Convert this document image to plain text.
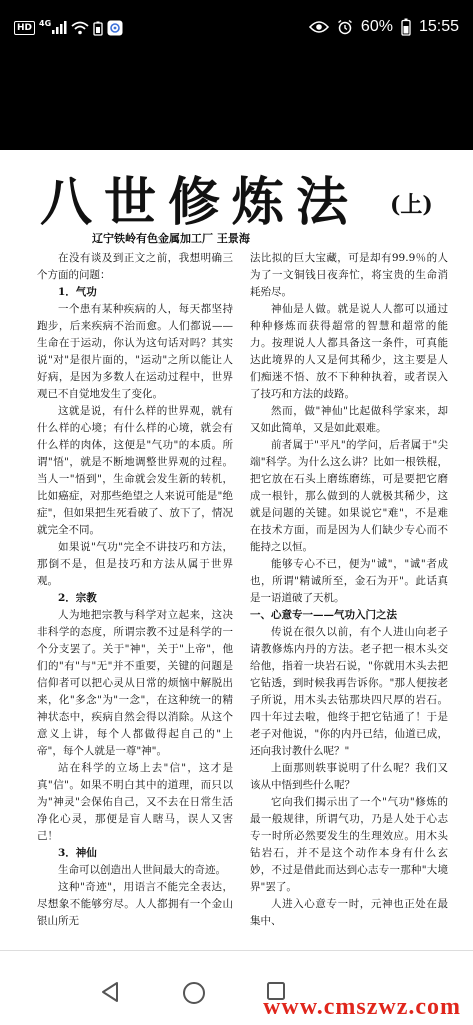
HD 4G	60% 15:55
八世修炼法 (上)
辽宁铁岭有色金属加工厂 王景海

在没有谈及到正文之前，我想明确三个方面的问题：

1．气功

一个患有某种疾病的人，每天都坚持跑步，后来疾病不治而愈。人们都说——生命在于运动，你认为这句话对吗？其实说"对"是很片面的，"运动"之所以能让人好病，是因为多数人在运动过程中，世界观已不自觉地发生了变化。

这就是说，有什么样的世界观，就有什么样的心境；有什么样的心境，就会有什么样的肉体，这便是"气功"的本质。所谓"悟"，就是不断地调整世界观的过程。当人一"悟到"，生命就会发生新的转机，比如癌症，对那些绝望之人来说可能是"绝症"，但如果把生死看破了、放下了，情况就完全不同。

如果说"气功"完全不讲技巧和方法，那倒不是，但是技巧和方法从属于世界观。

2．宗教

人为地把宗教与科学对立起来，这决非科学的态度，所谓宗教不过是科学的一个分支罢了。关于"神"，关于"上帝"，他们的"有"与"无"并不重要，关键的问题是信仰者可以把心灵从日常的烦恼中解脱出来，化"多念"为"一念"，在这种统一的精神状态中，疾病自然会得以消除。从这个意义上讲，每个人都做得起自己的"上帝"，每个人就是一尊"神"。

站在科学的立场上去"信"，这才是真"信"。如果不明白其中的道理，而只以为"神灵"会保佑自己，又不去在日常生活净化心灵，那便是盲人瞎马，误人又害己！

3．神仙

生命可以创造出人世间最大的奇迹。

这种"奇迹"，用语言不能完全表达，尽想象不能够穷尽。人人都拥有一个金山银山所无

法比拟的巨大宝藏，可是却有99.9％的人为了一文铜钱日夜奔忙，将宝贵的生命消耗殆尽。

神仙是人做。就是说人人都可以通过种种修炼而获得超常的智慧和超常的能力。按理说人人都具备这一条件，可真能达此境界的人又是何其稀少，这主要是人们痴迷不悟、放不下种种执着，或者误入了技巧和方法的歧路。

然而，做"神仙"比起做科学家来，却又如此简单，又是如此艰难。

前者属于"平凡"的学问，后者属于"尖端"科学。为什么这么讲？比如一根铁棍，把它放在石头上磨练磨练，可是要把它磨成一根针，那么做到的人就极其稀少，这就是问题的关键。如果说它"难"，不是难在技术方面，而是因为人们缺少专心而不能持之以恒。

能够专心不已，便为"诚"，"诚"者成也，所谓"精诚所至，金石为开"。此话真是一语道破了天机。

一、心意专一——气功入门之法

传说在很久以前，有个人进山向老子请教修炼内丹的方法。老子把一根木头交给他，指着一块岩石说，"你就用木头去把它钻透，到时候我再告诉你。"那人便按老子所说，用木头去钻那块四尺厚的岩石。四十年过去啦，他终于把它钻通了！于是老子对他说，"你的内丹已结，仙道已成，还向我讨教什么呢？"

上面那则轶事说明了什么呢？我们又该从中悟到些什么呢？

它向我们揭示出了一个"气功"修炼的最一般规律，所谓气功，乃是人处于心志专一时所必然要发生的生理效应。用木头钻岩石，并不是这个动作本身有什么玄妙，不过是借此而达到心志专一那种"大境界"罢了。

人进入心意专一时，元神也正处在最集中、

www.cmszwz.com
